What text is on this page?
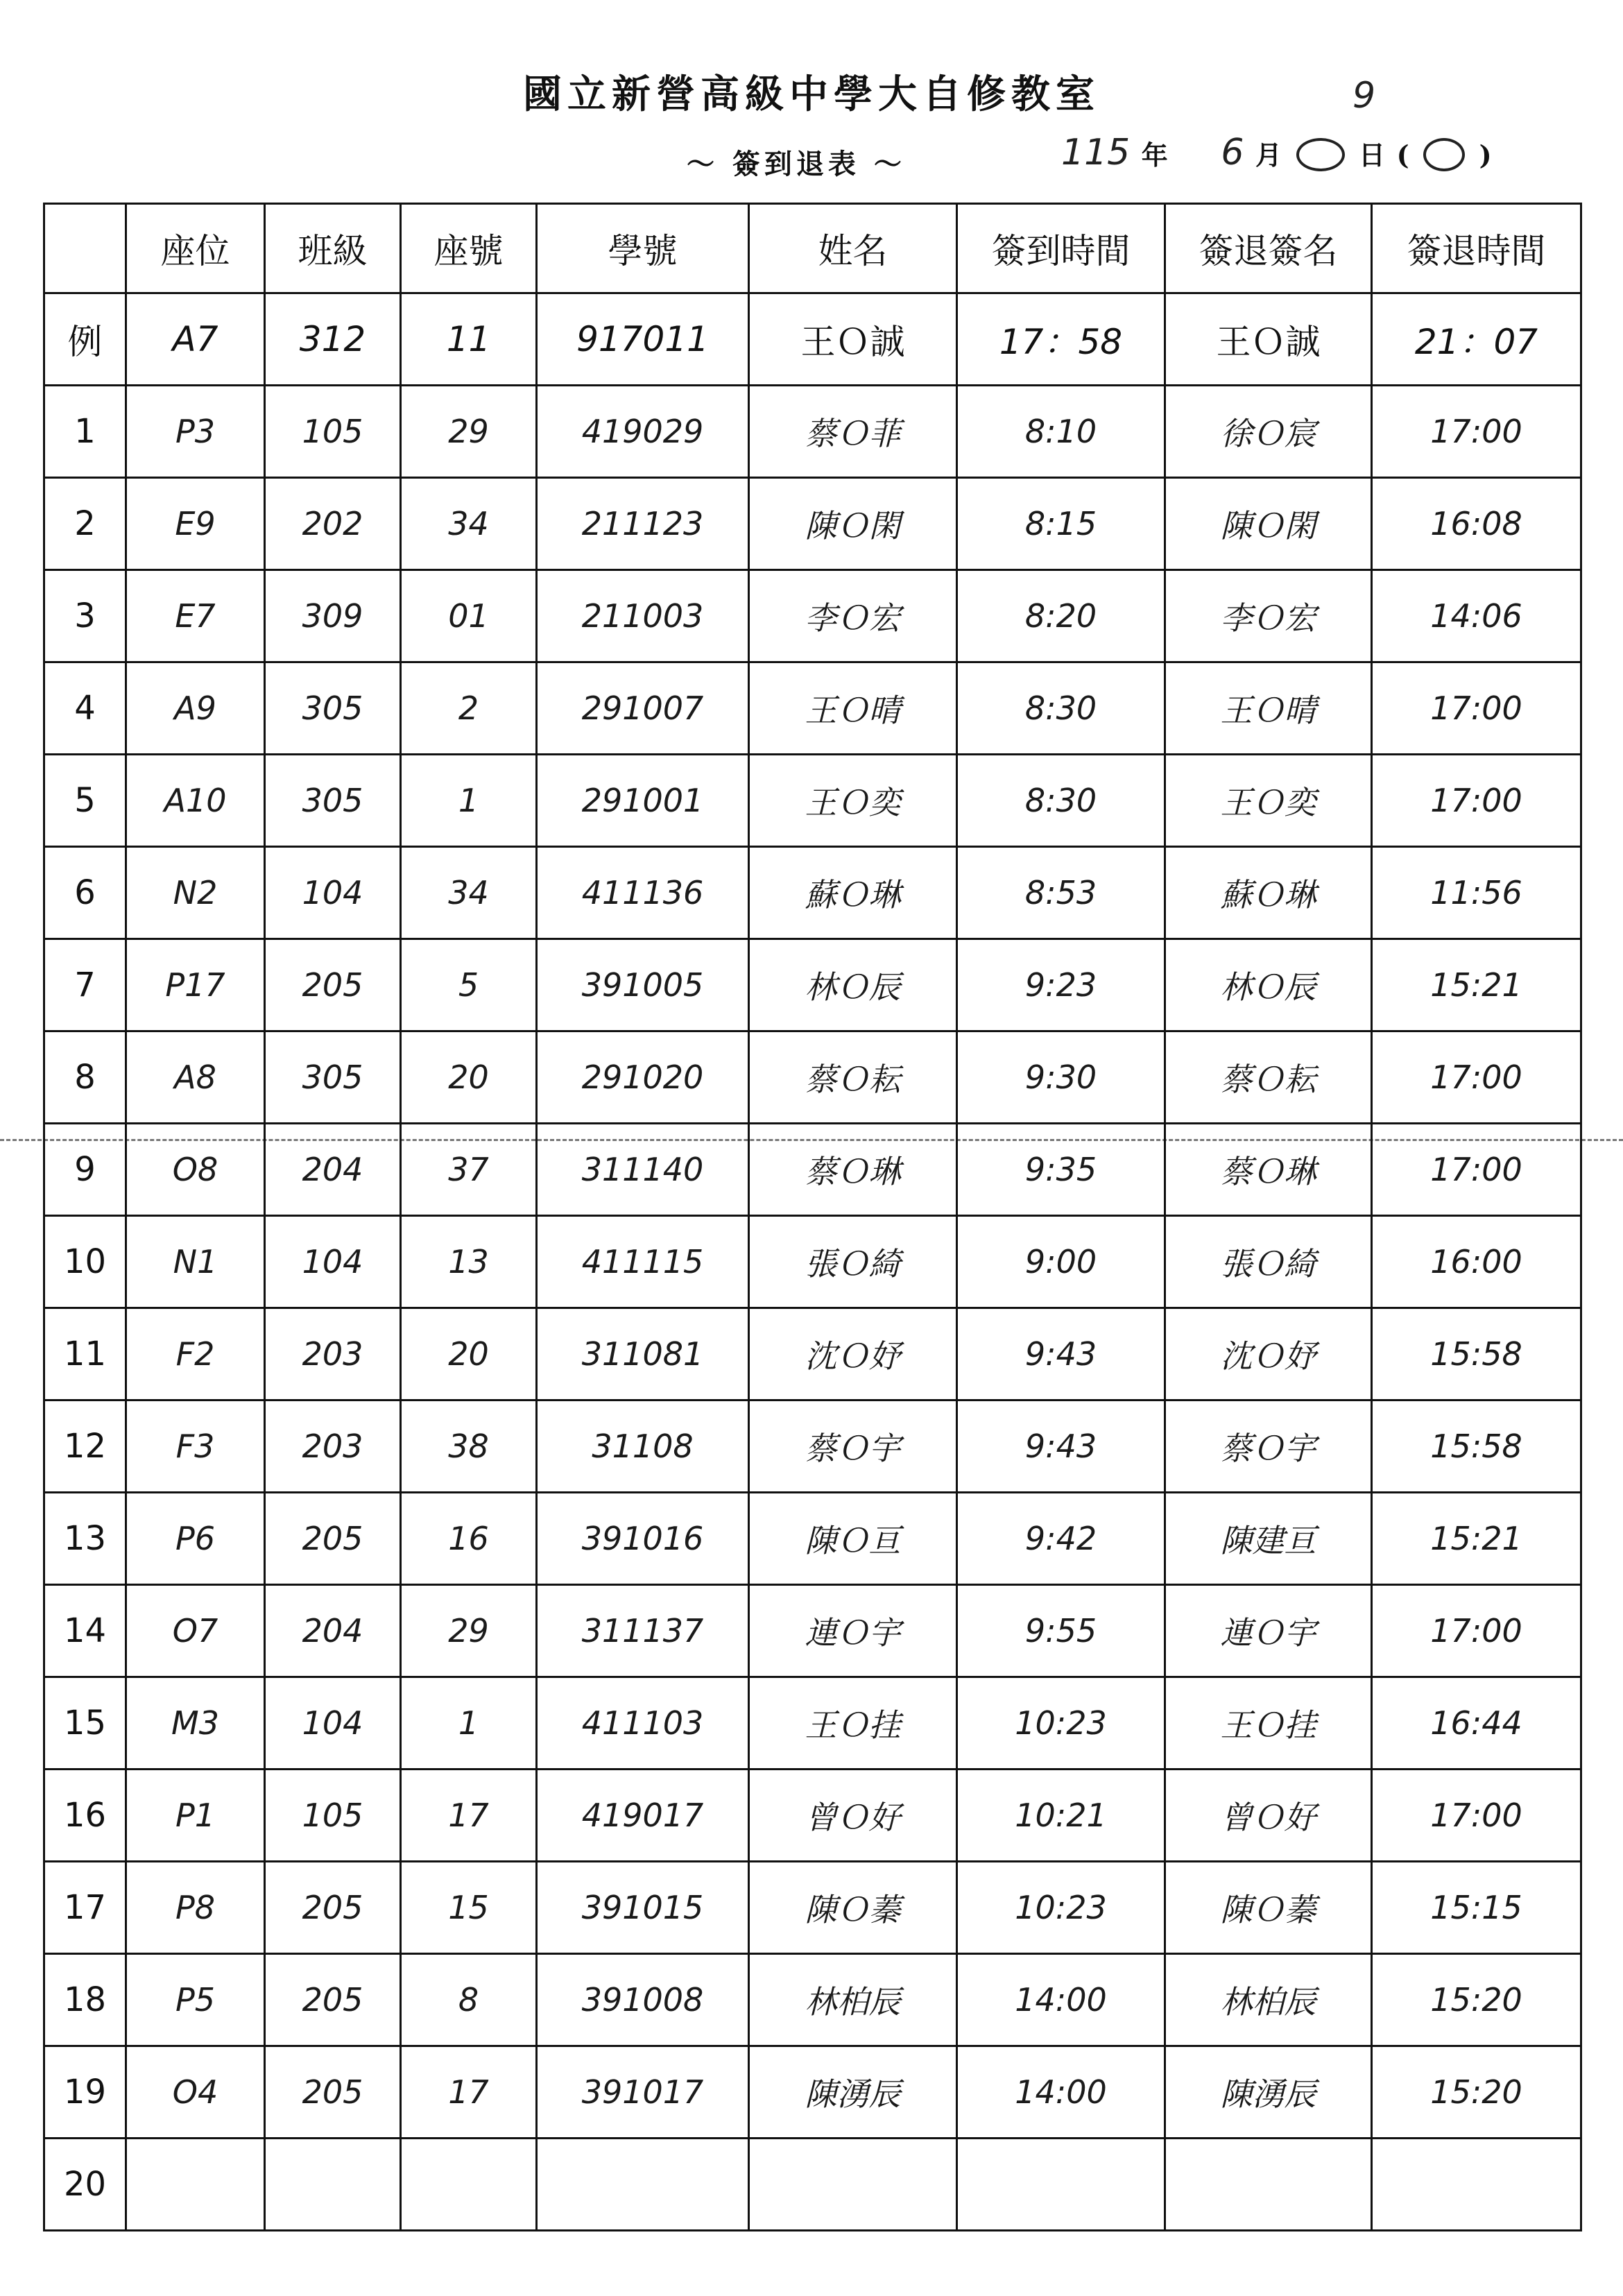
國立新營高級中學大自修教室
～ 簽到退表 ～	115 年 6 月	日 (	)
9
	座位	班級	座號	學號	姓名	簽到時間	簽退簽名	簽退時間
例	A7	312	11	917011	王Ｏ誠	17：58	王Ｏ誠	21：07
1	P3	105	29	419029	蔡Ｏ菲	8:10	徐Ｏ宸	17:00
2	E9	202	34	211123	陳Ｏ閑	8:15	陳Ｏ閑	16:08
3	E7	309	01	211003	李Ｏ宏	8:20	李Ｏ宏	14:06
4	A9	305	2	291007	王Ｏ晴	8:30	王Ｏ晴	17:00
5	A10	305	1	291001	王Ｏ奕	8:30	王Ｏ奕	17:00
6	N2	104	34	411136	蘇Ｏ琳	8:53	蘇Ｏ琳	11:56
7	P17	205	5	391005	林Ｏ辰	9:23	林Ｏ辰	15:21
8	A8	305	20	291020	蔡Ｏ耘	9:30	蔡Ｏ耘	17:00
9	O8	204	37	311140	蔡Ｏ琳	9:35	蔡Ｏ琳	17:00
10	N1	104	13	411115	張Ｏ綺	9:00	張Ｏ綺	16:00
11	F2	203	20	311081	沈Ｏ妤	9:43	沈Ｏ妤	15:58
12	F3	203	38	31108	蔡Ｏ宇	9:43	蔡Ｏ宇	15:58
13	P6	205	16	391016	陳Ｏ亘	9:42	陳建亘	15:21
14	O7	204	29	311137	連Ｏ宇	9:55	連Ｏ宇	17:00
15	M3	104	1	411103	王Ｏ挂	10:23	王Ｏ挂	16:44
16	P1	105	17	419017	曾Ｏ好	10:21	曾Ｏ好	17:00
17	P8	205	15	391015	陳Ｏ蓁	10:23	陳Ｏ蓁	15:15
18	P5	205	8	391008	林柏辰	14:00	林柏辰	15:20
19	O4	205	17	391017	陳湧辰	14:00	陳湧辰	15:20
20								
